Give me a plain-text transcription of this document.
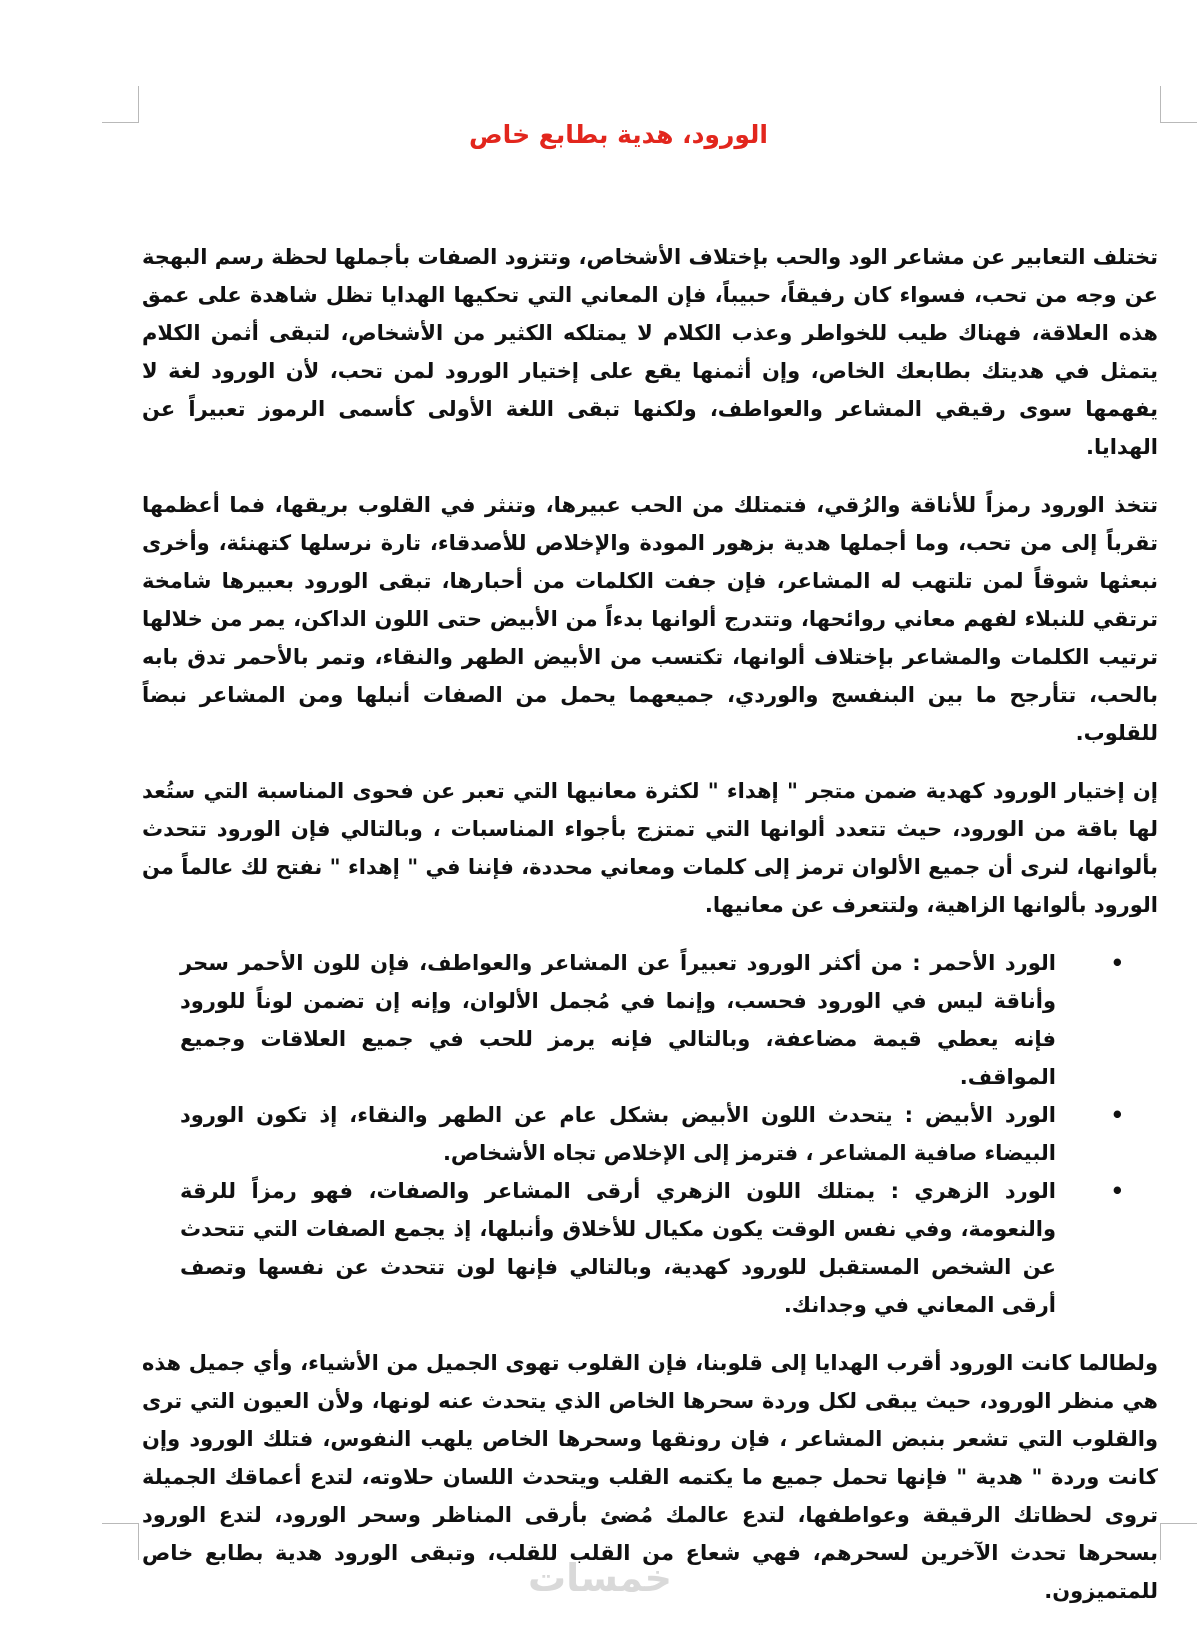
الورود، هدية بطابع خاص

تختلف التعابير عن مشاعر الود والحب بإختلاف الأشخاص، وتتزود الصفات بأجملها لحظة رسم البهجة عن وجه من تحب، فسواء كان رفيقاً، حبيباً، فإن المعاني التي تحكيها الهدايا تظل شاهدة على عمق هذه العلاقة، فهناك طيب للخواطر وعذب الكلام لا يمتلكه الكثير من الأشخاص، لتبقى أثمن الكلام يتمثل في هديتك بطابعك الخاص، وإن أثمنها يقع على إختيار الورود لمن تحب، لأن الورود لغة لا يفهمها سوى رقيقي المشاعر والعواطف، ولكنها تبقى اللغة الأولى كأسمى الرموز تعبيراً عن الهدايا.

تتخذ الورود رمزاً للأناقة والرُقي، فتمتلك من الحب عبيرها، وتنثر في القلوب بريقها، فما أعظمها تقرباً إلى من تحب، وما أجملها هدية بزهور المودة والإخلاص للأصدقاء، تارة نرسلها كتهنئة، وأخرى نبعثها شوقاً لمن تلتهب له المشاعر، فإن جفت الكلمات من أحبارها، تبقى الورود بعبيرها شامخة ترتقي للنبلاء لفهم معاني روائحها، وتتدرج ألوانها بدءاً من الأبيض حتى اللون الداكن، يمر من خلالها ترتيب الكلمات والمشاعر بإختلاف ألوانها، تكتسب من الأبيض الطهر والنقاء، وتمر بالأحمر تدق بابه بالحب، تتأرجح ما بين البنفسج والوردي، جميعهما يحمل من الصفات أنبلها ومن المشاعر نبضاً للقلوب.

إن إختيار الورود كهدية ضمن متجر " إهداء " لكثرة معانيها التي تعبر عن فحوى المناسبة التي ستُعد لها باقة من الورود، حيث تتعدد ألوانها التي تمتزج بأجواء المناسبات ، وبالتالي فإن الورود تتحدث بألوانها، لنرى أن جميع الألوان ترمز إلى كلمات ومعاني محددة، فإننا في " إهداء " نفتح لك عالماً من الورود بألوانها الزاهية، ولتتعرف عن معانيها.

•
الورد الأحمر : من أكثر الورود تعبيراً عن المشاعر والعواطف، فإن للون الأحمر سحر وأناقة ليس في الورود فحسب، وإنما في مُجمل الألوان، وإنه إن تضمن لوناً للورود فإنه يعطي قيمة مضاعفة، وبالتالي فإنه يرمز للحب في جميع العلاقات وجميع المواقف.
•
الورد الأبيض : يتحدث اللون الأبيض بشكل عام عن الطهر والنقاء، إذ تكون الورود البيضاء صافية المشاعر ، فترمز إلى الإخلاص تجاه الأشخاص.
•
الورد الزهري : يمتلك اللون الزهري أرقى المشاعر والصفات، فهو رمزاً للرقة والنعومة، وفي نفس الوقت يكون مكيال للأخلاق وأنبلها، إذ يجمع الصفات التي تتحدث عن الشخص المستقبل للورود كهدية، وبالتالي فإنها لون تتحدث عن نفسها وتصف أرقى المعاني في وجدانك.

ولطالما كانت الورود أقرب الهدايا إلى قلوبنا، فإن القلوب تهوى الجميل من الأشياء، وأي جميل هذه هي منظر الورود، حيث يبقى لكل وردة سحرها الخاص الذي يتحدث عنه لونها، ولأن العيون التي ترى والقلوب التي تشعر بنبض المشاعر ، فإن رونقها وسحرها الخاص يلهب النفوس، فتلك الورود وإن كانت وردة " هدية " فإنها تحمل جميع ما يكتمه القلب ويتحدث اللسان حلاوته، لتدع أعماقك الجميلة تروى لحظاتك الرقيقة وعواطفها، لتدع عالمك مُضئ بأرقى المناظر وسحر الورود، لتدع الورود بسحرها تحدث الآخرين لسحرهم، فهي شعاع من القلب للقلب، وتبقى الورود هدية بطابع خاص للمتميزون.

خمسات
